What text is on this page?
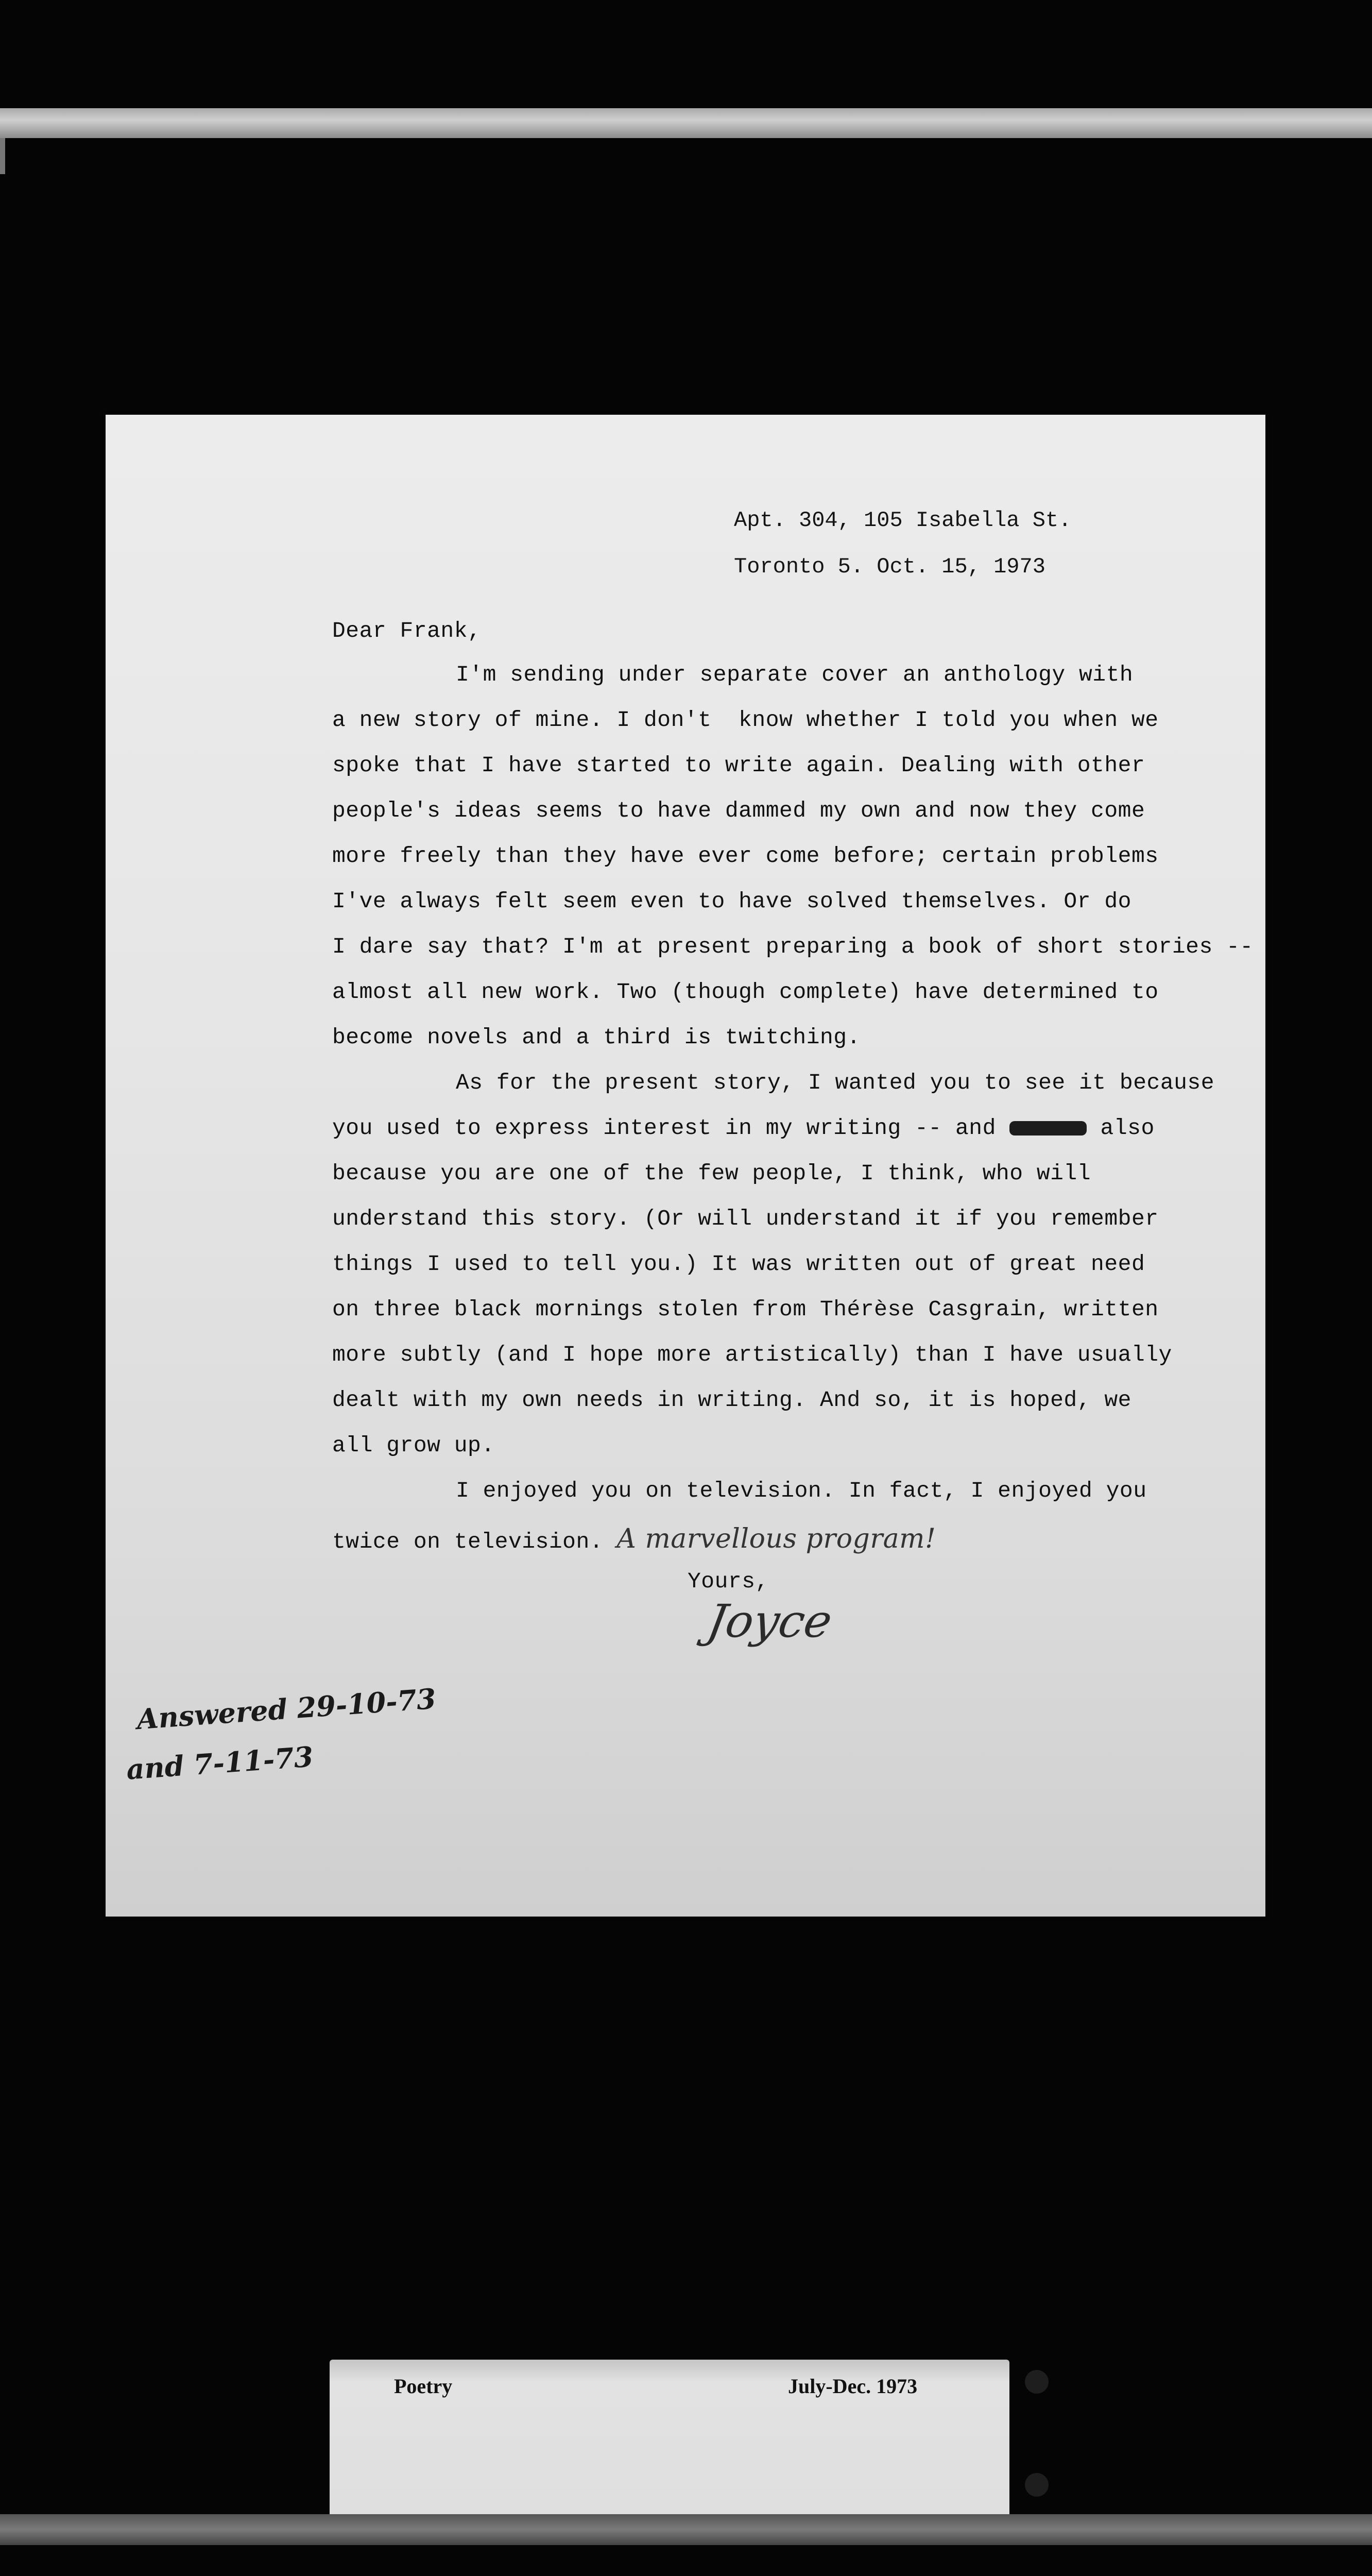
Apt. 304, 105 Isabella St.
Toronto 5. Oct. 15, 1973
Dear Frank,
I'm sending under separate cover an anthology with
a new story of mine. I don't  know whether I told you when we
spoke that I have started to write again. Dealing with other
people's ideas seems to have dammed my own and now they come
more freely than they have ever come before; certain problems
I've always felt seem even to have solved themselves. Or do
I dare say that? I'm at present preparing a book of short stories --
almost all new work. Two (though complete) have determined to
become novels and a third is twitching.
As for the present story, I wanted you to see it because
you used to express interest in my writing -- and	also
because you are one of the few people, I think, who will
understand this story. (Or will understand it if you remember
things I used to tell you.) It was written out of great need
on three black mornings stolen from Thérèse Casgrain, written
more subtly (and I hope more artistically) than I have usually
dealt with my own needs in writing. And so, it is hoped, we
all grow up.
I enjoyed you on television. In fact, I enjoyed you
twice on television. A marvellous program!
Yours,
Joyce
Answered 29-10-73
and 7-11-73
Poetry	July-Dec. 1973
